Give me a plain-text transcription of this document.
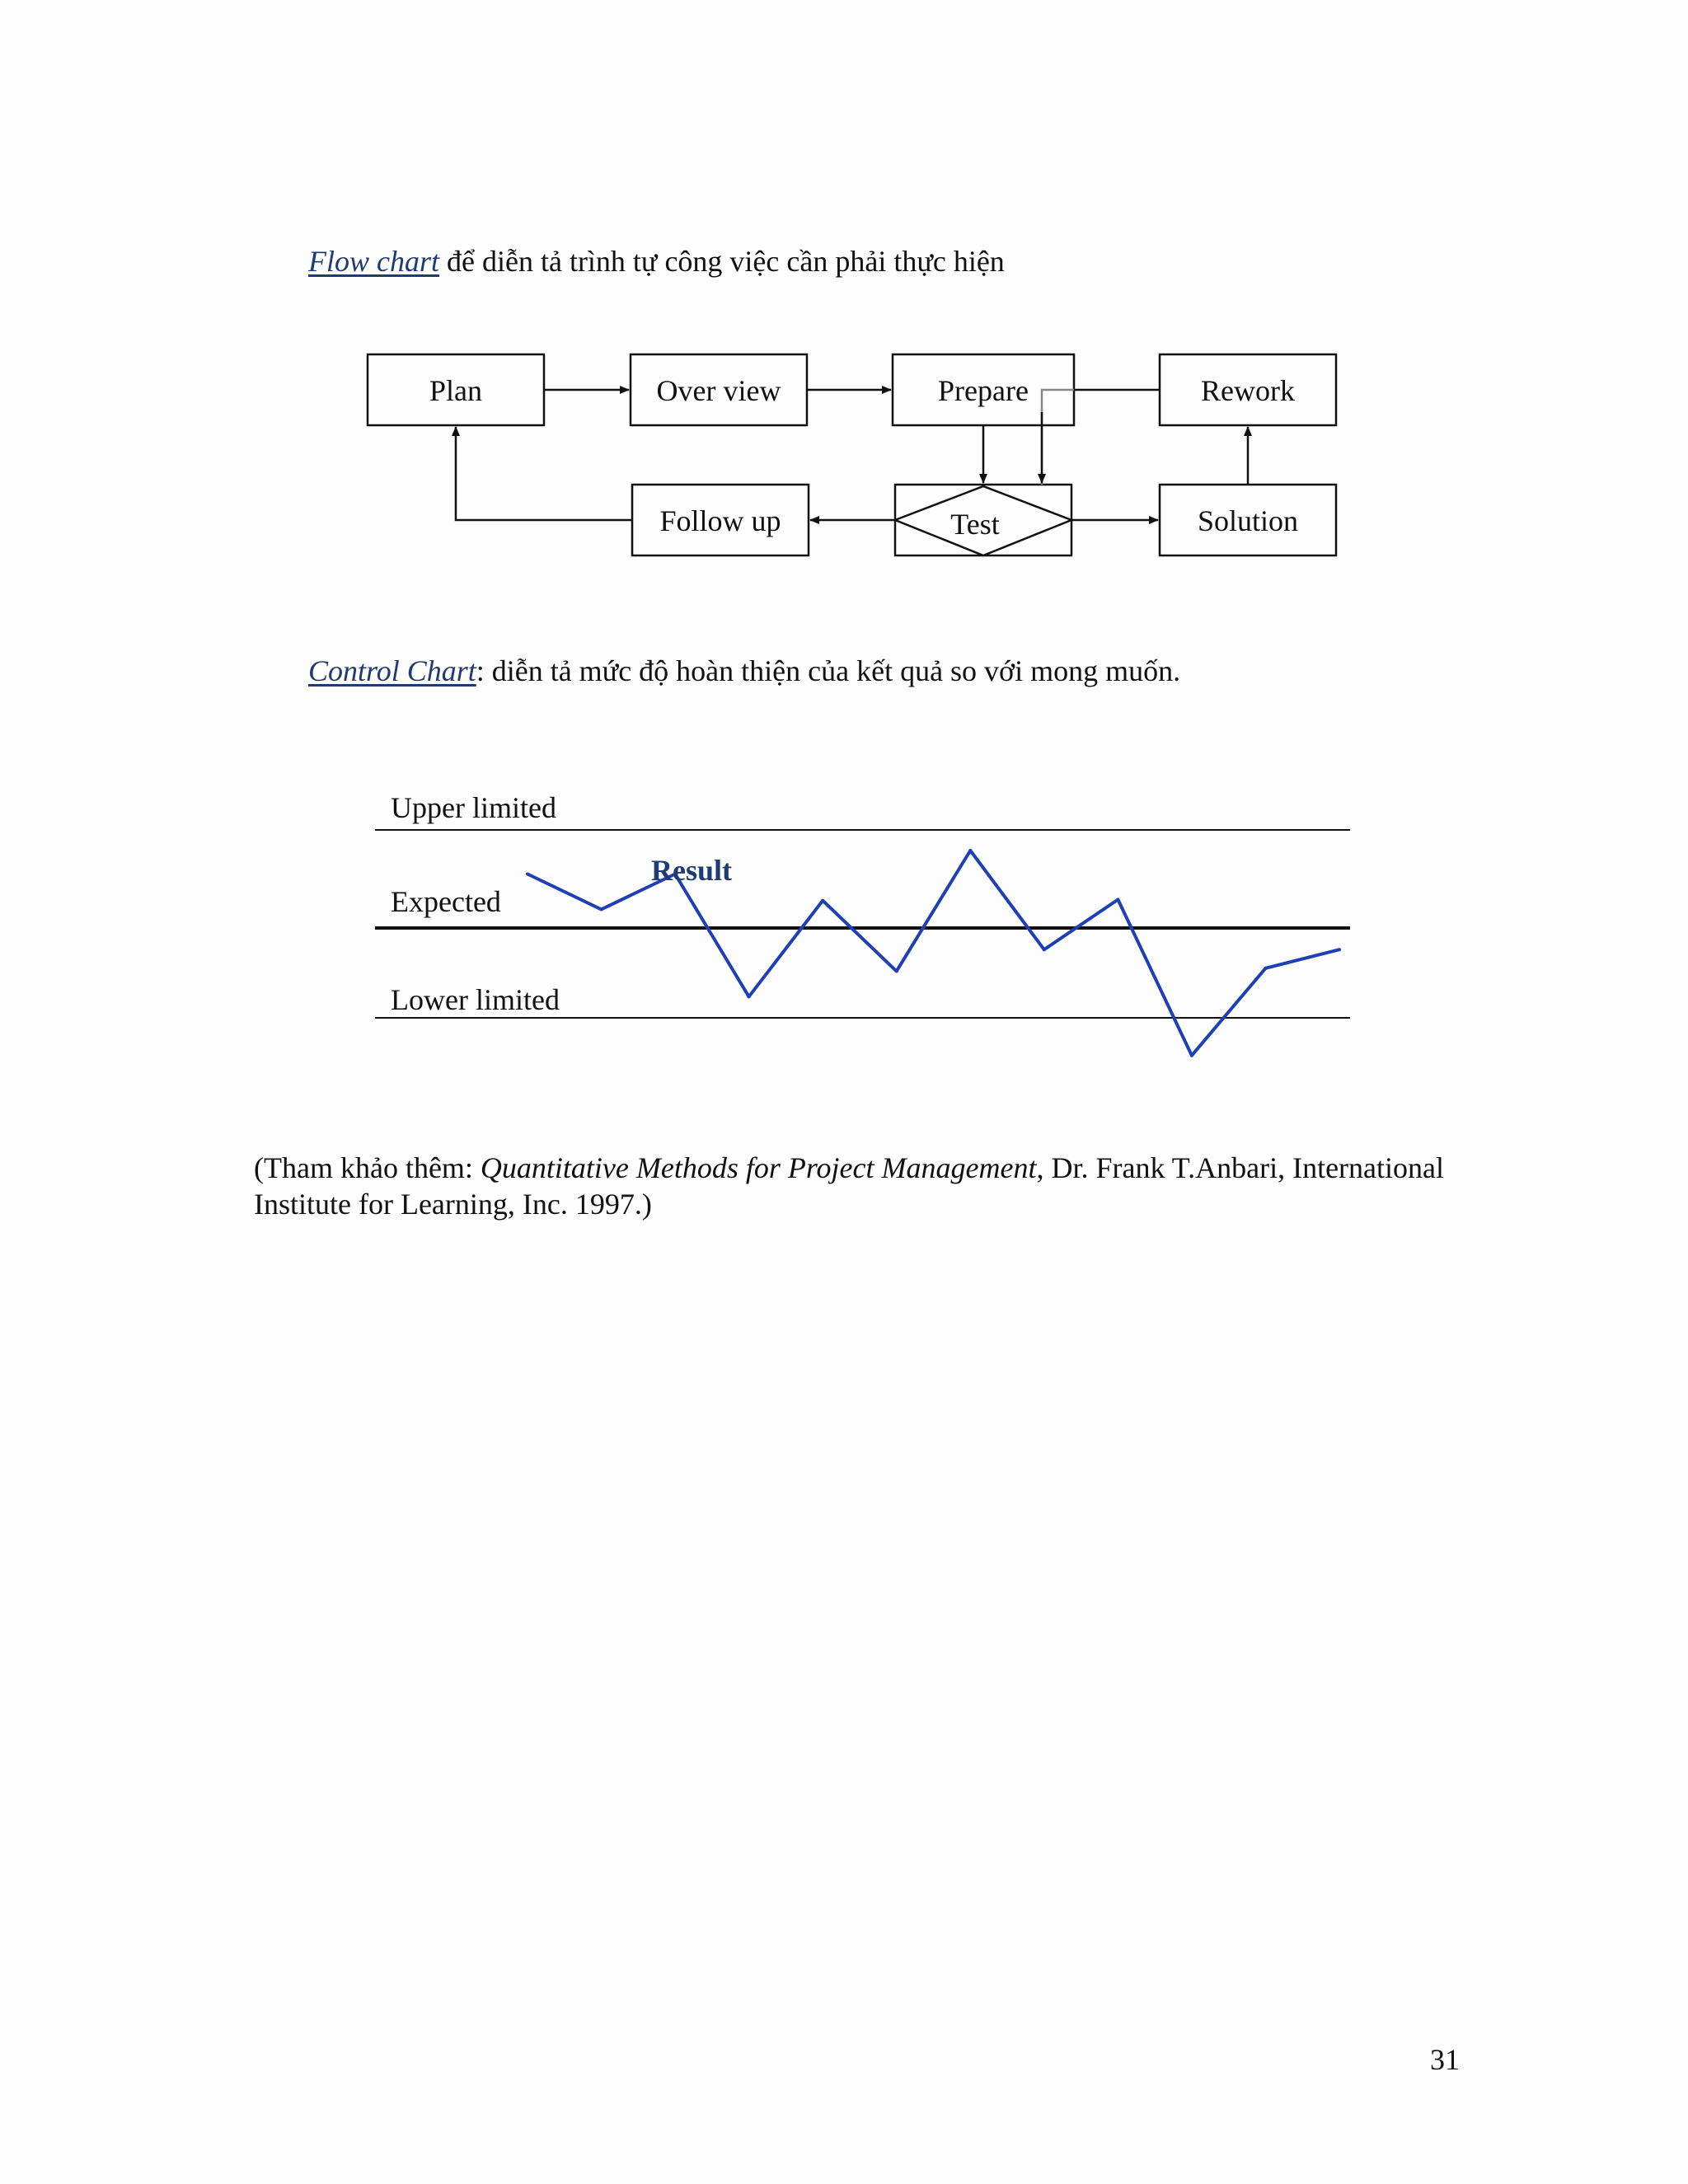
Flow chart để diễn tả trình tự công việc cần phải thực hiện
Plan	Over view	Prepare	Rework
Follow up	Test	Solution
Upper limited
Expected
Lower limited
Result
Control Chart: diễn tả mức độ hoàn thiện của kết quả so với mong muốn.
(Tham khảo thêm: Quantitative Methods for Project Management, Dr. Frank T.Anbari, International Institute for Learning, Inc. 1997.)
31
